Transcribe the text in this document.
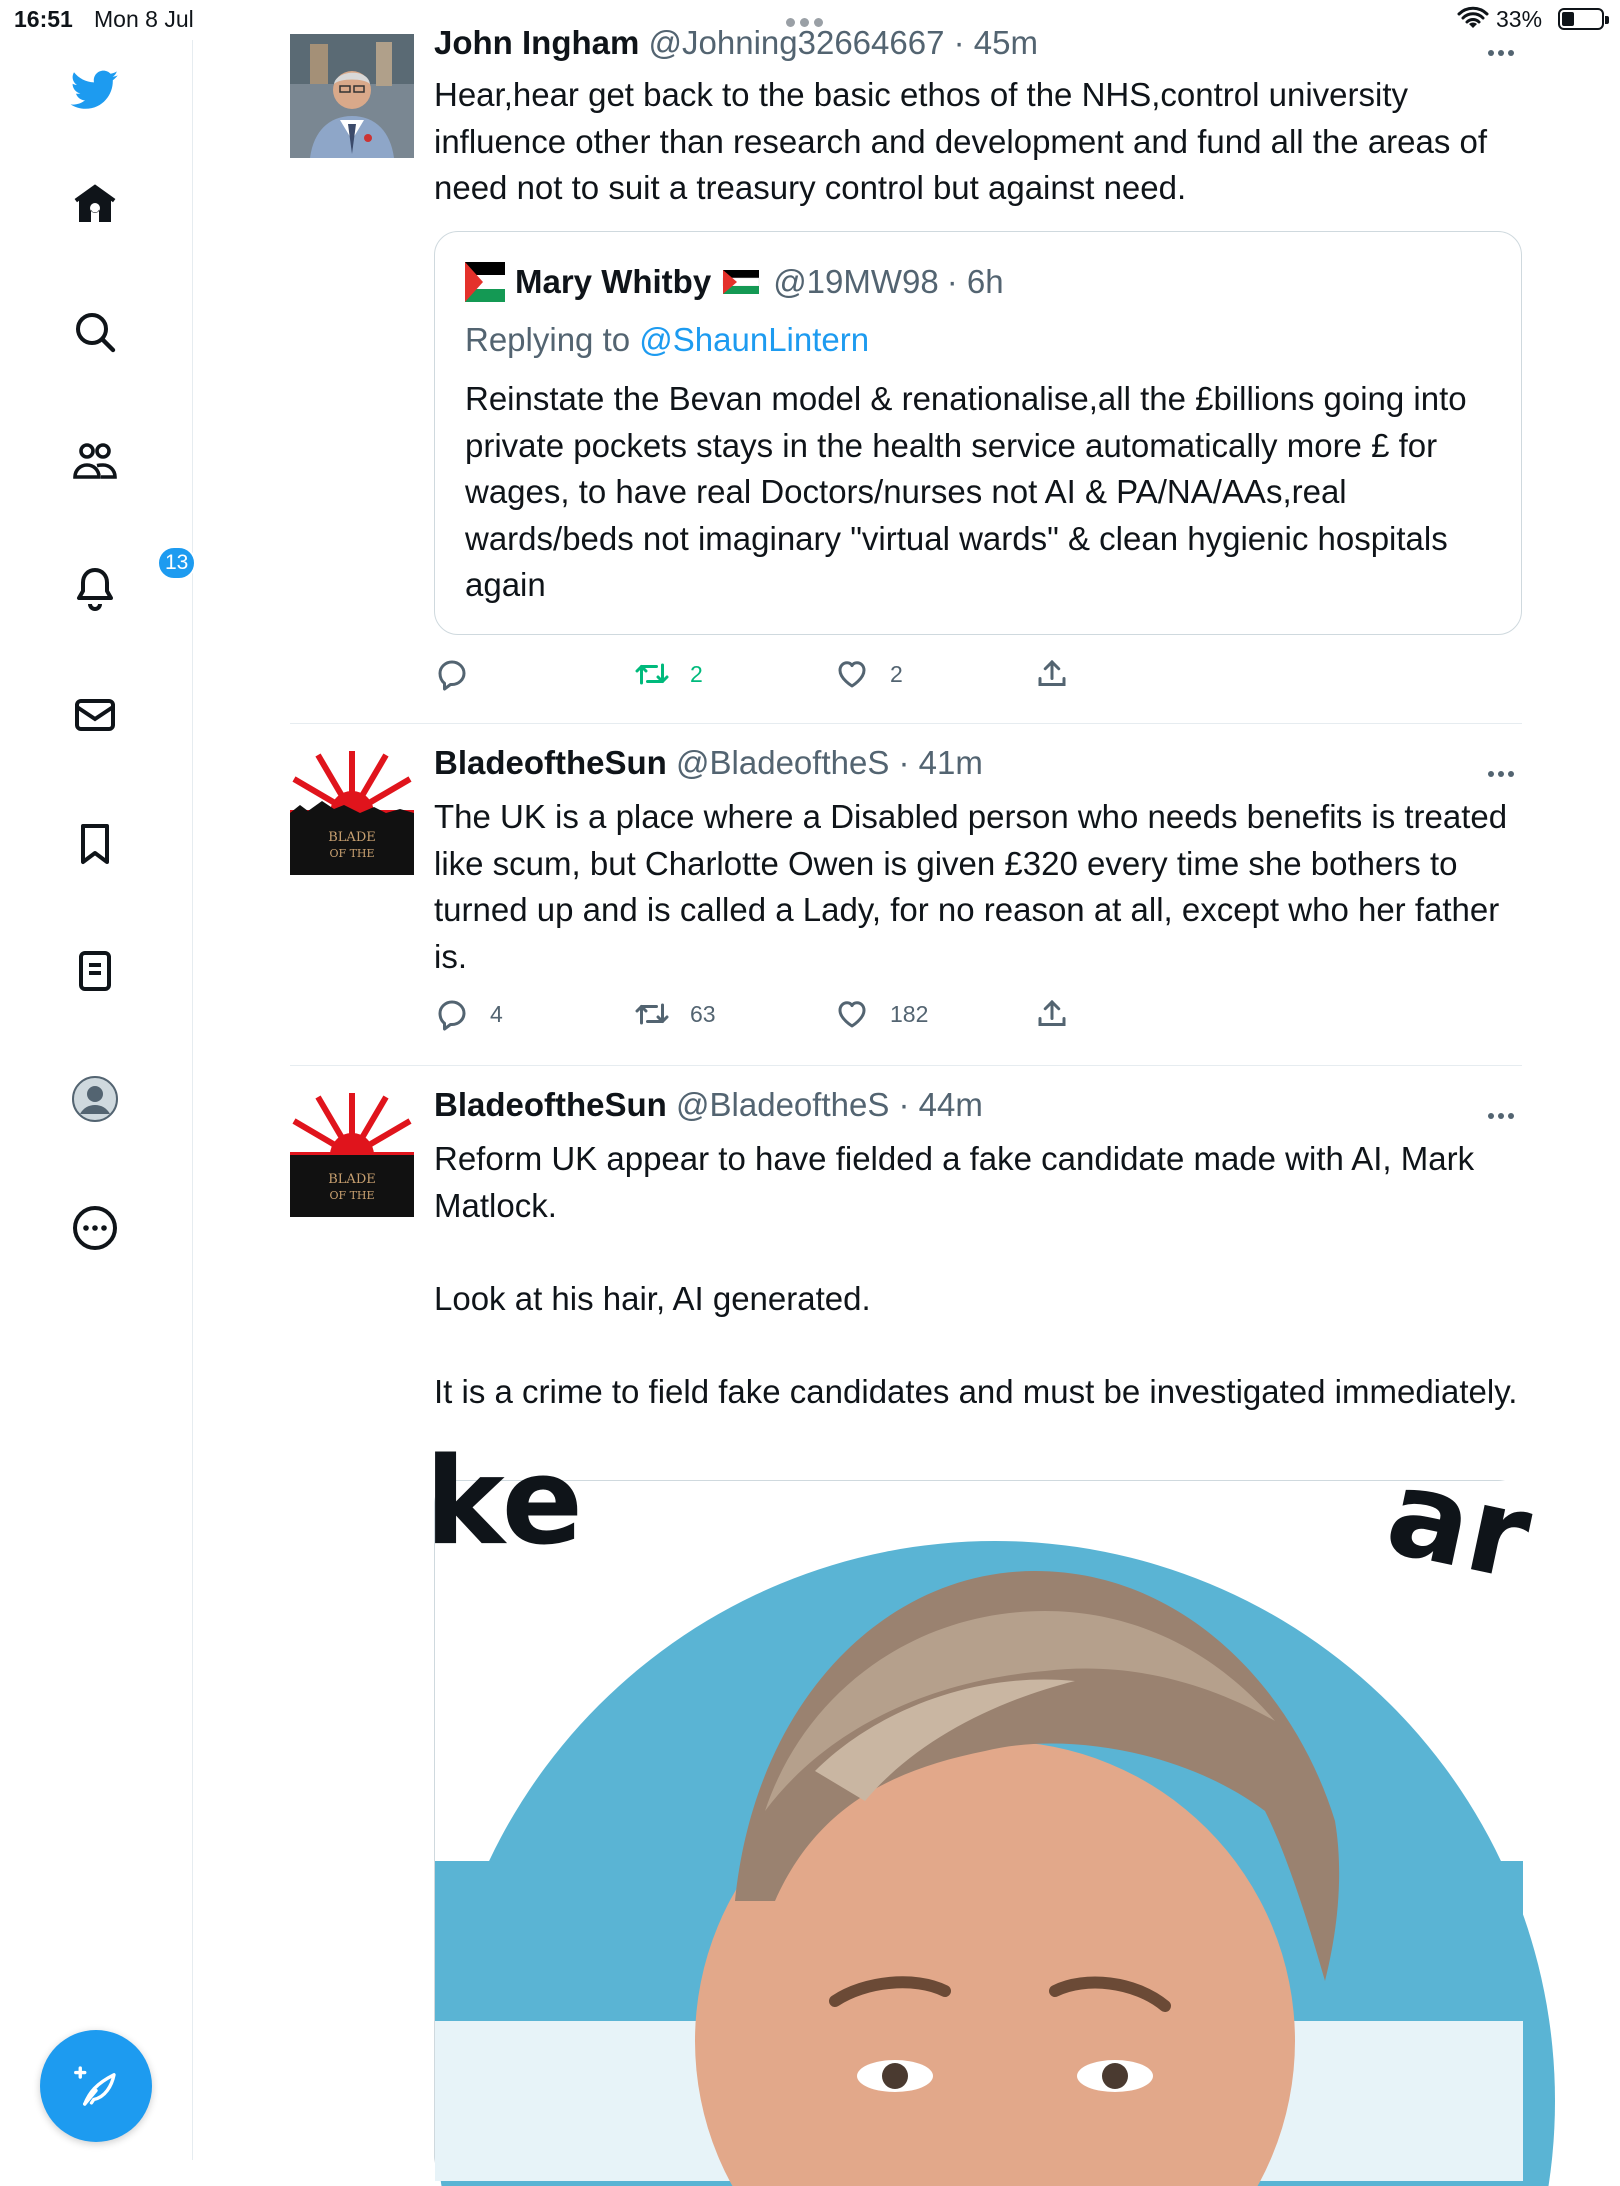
16:51 Mon 8 Jul	33%
13
John Ingham @Johning32664667 · 45m
Hear,hear get back to the basic ethos of the NHS,control university influence other than research and development and fund all the areas of need not to suit a treasury control but against need.
Mary Whitby @19MW98 · 6h
Replying to @ShaunLintern
Reinstate the Bevan model & renationalise,all the £billions going into private pockets stays in the health service automatically more £ for wages, to have real Doctors/nurses not AI & PA/NA/AAs,real wards/beds not imaginary "virtual wards" & clean hygienic hospitals again
2	2
BLADE
OF THE
BladeoftheSun @BladeoftheS · 41m
The UK is a place where a Disabled person who needs benefits is treated like scum, but Charlotte Owen is given £320 every time she bothers to turned up and is called a Lady, for no reason at all, except who her father is.
4	63	182
BLADE
OF THE
BladeoftheSun @BladeoftheS · 44m
Reform UK appear to have fielded a fake candidate made with AI, Mark Matlock.

Look at his hair, AI generated.

It is a crime to field fake candidates and must be investigated immediately.
ke	ar
